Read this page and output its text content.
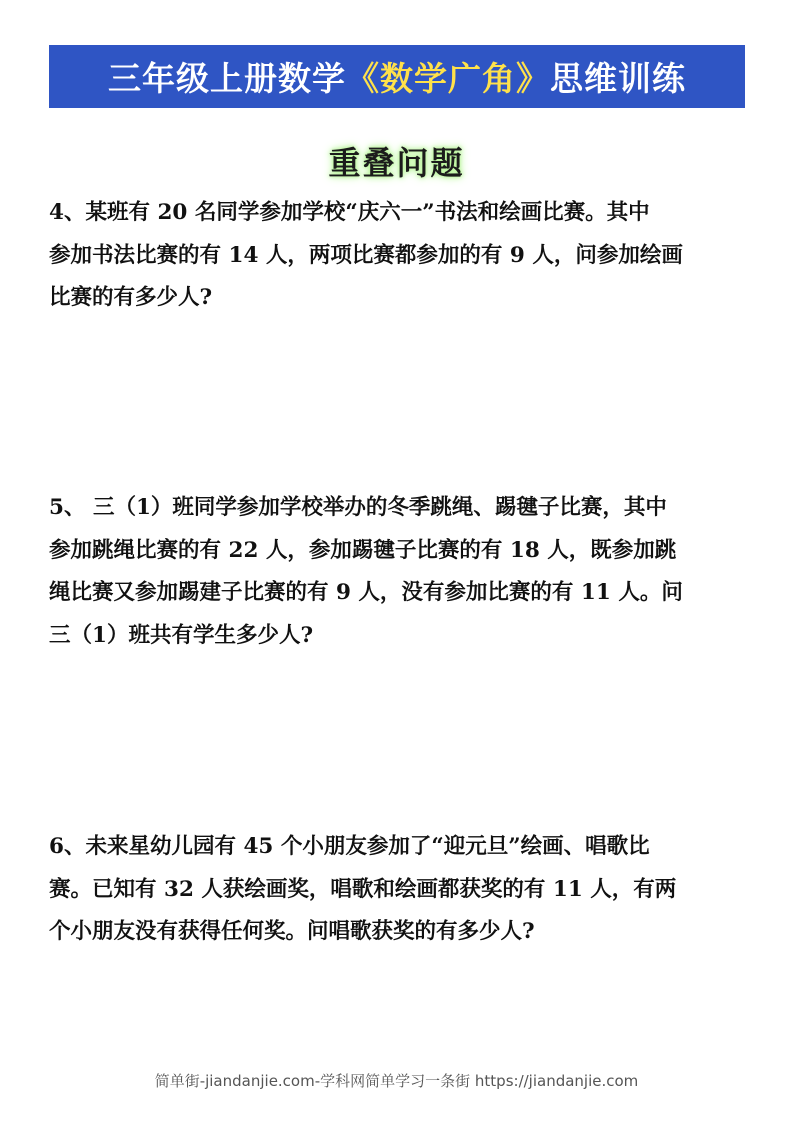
三年级上册数学 《数学广角》 思维训练
重叠问题
4、某班有 20 名同学参加学校“庆六一”书法和绘画比赛。其中
参加书法比赛的有 14 人，两项比赛都参加的有 9 人，问参加绘画
比赛的有多少人?
5、 三（1）班同学参加学校举办的冬季跳绳、踢毽子比赛，其中
参加跳绳比赛的有 22 人，参加踢毽子比赛的有 18 人，既参加跳
绳比赛又参加踢建子比赛的有 9 人，没有参加比赛的有 11 人。问
三（1）班共有学生多少人?
6、未来星幼儿园有 45 个小朋友参加了“迎元旦”绘画、唱歌比
赛。已知有 32 人获绘画奖，唱歌和绘画都获奖的有 11 人，有两
个小朋友没有获得任何奖。问唱歌获奖的有多少人?
简单街-jiandanjie.com-学科网简单学习一条街 https://jiandanjie.com
